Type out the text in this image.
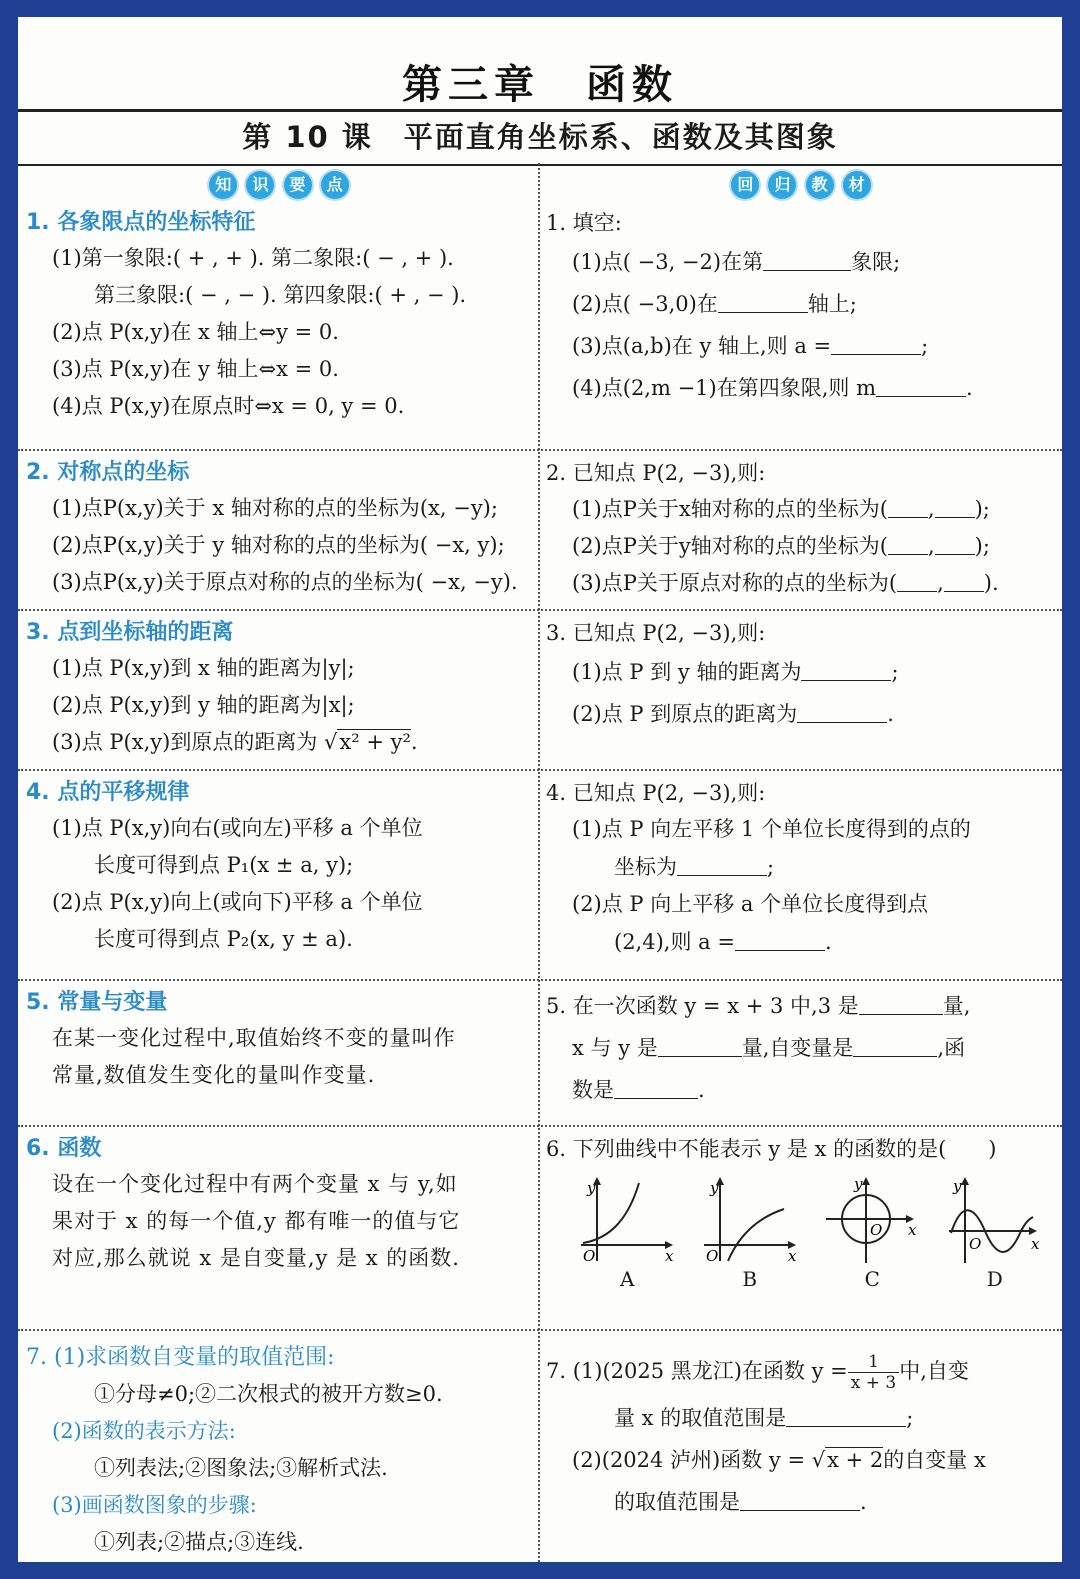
第三章　函数
第 10 课　平面直角坐标系、函数及其图象
知 识 要 点
1. 各象限点的坐标特征
(1)第一象限:( + , + ). 第二象限:( − , + ).
第三象限:( − , − ). 第四象限:( + , − ).
(2)点 P(x,y)在 x 轴上⇔y = 0.
(3)点 P(x,y)在 y 轴上⇔x = 0.
(4)点 P(x,y)在原点时⇔x = 0, y = 0.
回 归 教 材
1. 填空:
(1)点( −3, −2)在第	象限;
(2)点( −3,0)在	轴上;
(3)点(a,b)在 y 轴上,则 a =	;
(4)点(2,m −1)在第四象限,则 m	.
2. 对称点的坐标
(1)点P(x,y)关于 x 轴对称的点的坐标为(x, −y);
(2)点P(x,y)关于 y 轴对称的点的坐标为( −x, y);
(3)点P(x,y)关于原点对称的点的坐标为( −x, −y).
2. 已知点 P(2, −3),则:
(1)点P关于x轴对称的点的坐标为( , );
(2)点P关于y轴对称的点的坐标为( , );
(3)点P关于原点对称的点的坐标为( , ).
3. 点到坐标轴的距离
(1)点 P(x,y)到 x 轴的距离为|y|;
(2)点 P(x,y)到 y 轴的距离为|x|;
(3)点 P(x,y)到原点的距离为 √x² + y².
3. 已知点 P(2, −3),则:
(1)点 P 到 y 轴的距离为	;
(2)点 P 到原点的距离为	.
4. 点的平移规律
(1)点 P(x,y)向右(或向左)平移 a 个单位
长度可得到点 P₁(x ± a, y);
(2)点 P(x,y)向上(或向下)平移 a 个单位
长度可得到点 P₂(x, y ± a).
4. 已知点 P(2, −3),则:
(1)点 P 向左平移 1 个单位长度得到的点的
坐标为	;
(2)点 P 向上平移 a 个单位长度得到点
(2,4),则 a =	.
5. 常量与变量
在某一变化过程中,取值始终不变的量叫作
常量,数值发生变化的量叫作变量.
5. 在一次函数 y = x + 3 中,3 是	量,
x 与 y 是	量,自变量是	,函
数是	.
6. 函数
设在一个变化过程中有两个变量 x 与 y,如
果对于 x 的每一个值,y 都有唯一的值与它
对应,那么就说 x 是自变量,y 是 x 的函数.
6. 下列曲线中不能表示 y 是 x 的函数的是(　　)
y
x
O
A
y
x
O
B
y
x
O
C
y
x
O
D
7. (1)求函数自变量的取值范围:
①分母≠0;②二次根式的被开方数≥0.
(2)函数的表示方法:
①列表法;②图象法;③解析式法.
(3)画函数图象的步骤:
①列表;②描点;③连线.
7. (1)(2025 黑龙江)在函数 $y = \frac{1}{x + 3}$ 中,自变
量 x 的取值范围是	;
(2)(2024 泸州)函数 y = √x + 2的自变量 x
的取值范围是	.
